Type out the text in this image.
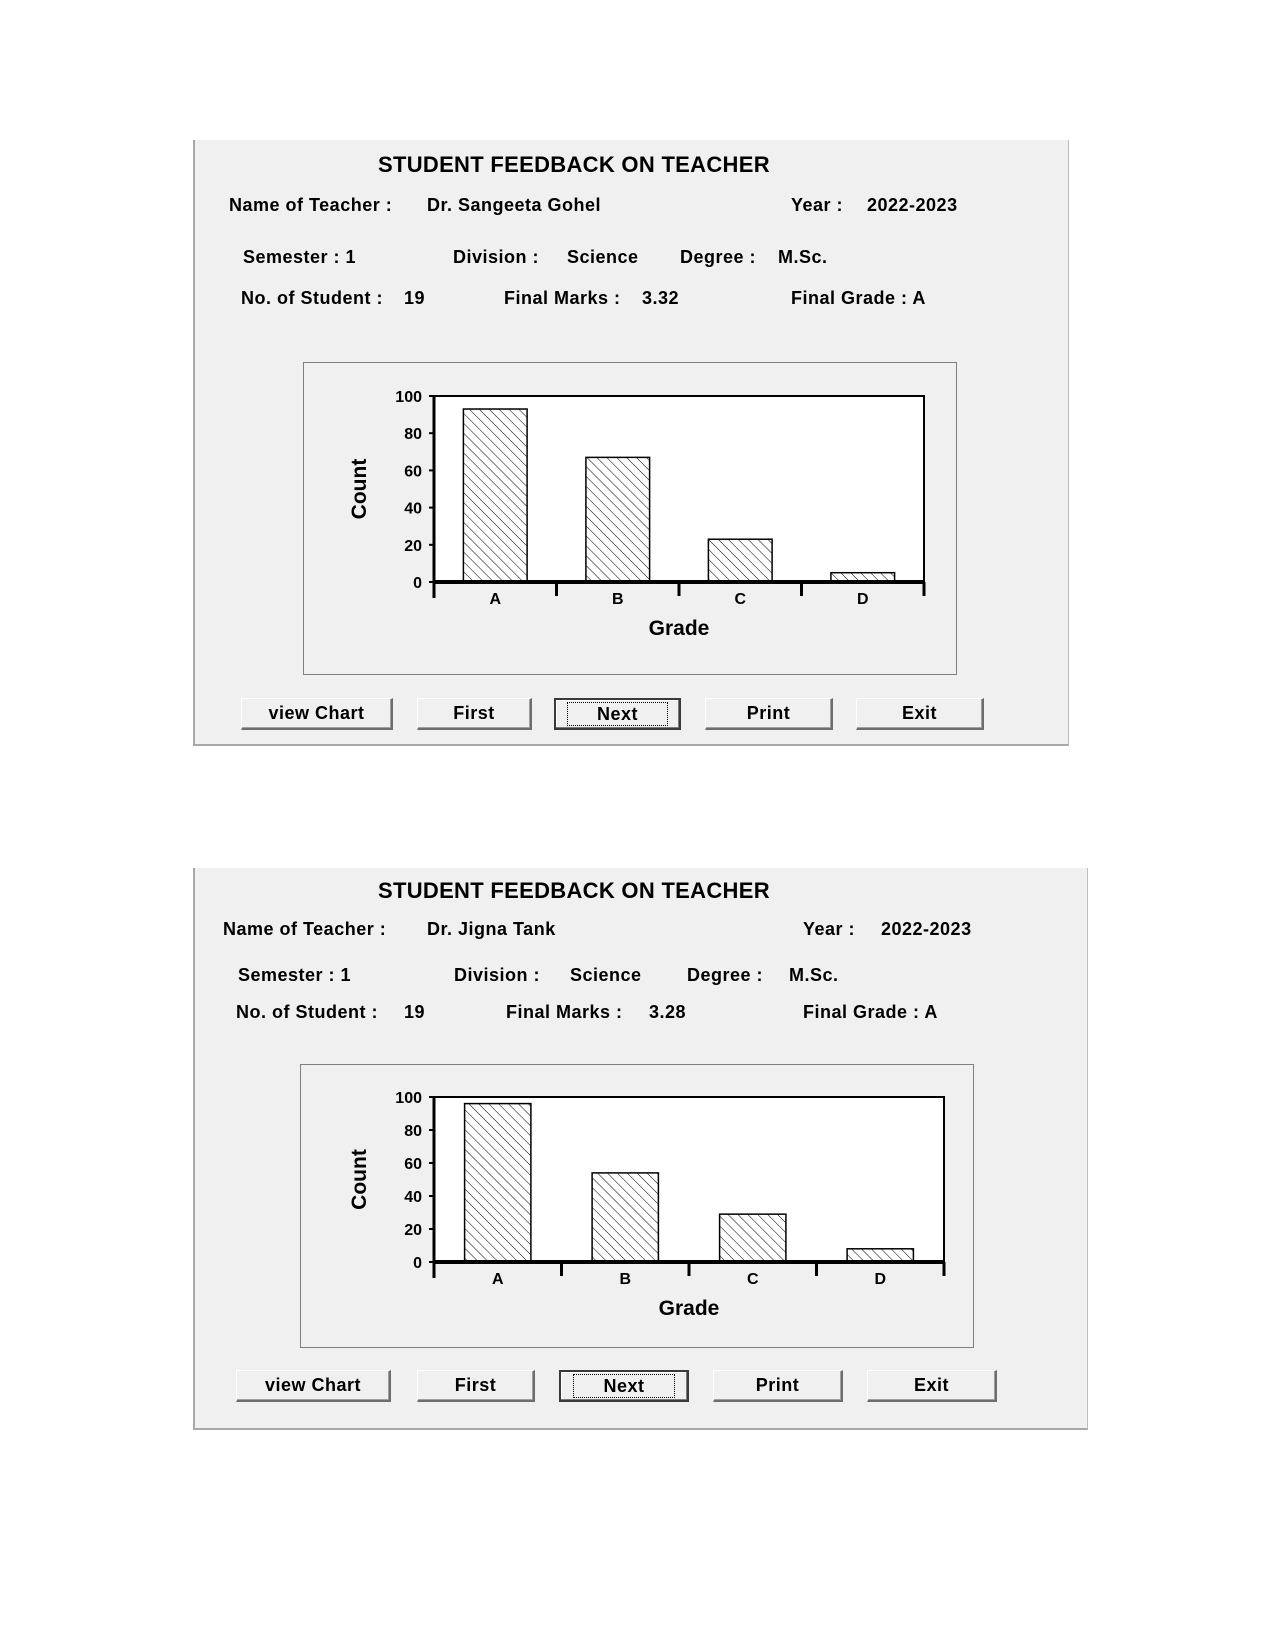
STUDENT FEEDBACK ON TEACHER
Name of Teacher : Dr. Sangeeta Gohel	Year : 2022-2023
Semester : 1	Division : Science Degree : M.Sc.
No. of Student : 19	Final Marks : 3.32	Final Grade : A
0
20
40
60
80
100
A	B	C	D
Grade
Count
view Chart	First	Next	Print	Exit
STUDENT FEEDBACK ON TEACHER
Name of Teacher : Dr. Jigna Tank	Year : 2022-2023
Semester : 1	Division : Science	Degree : M.Sc.
No. of Student : 19	Final Marks : 3.28	Final Grade : A
0
20
40
60
80
100
A	B	C	D
Grade
Count
view Chart	First	Next	Print	Exit
